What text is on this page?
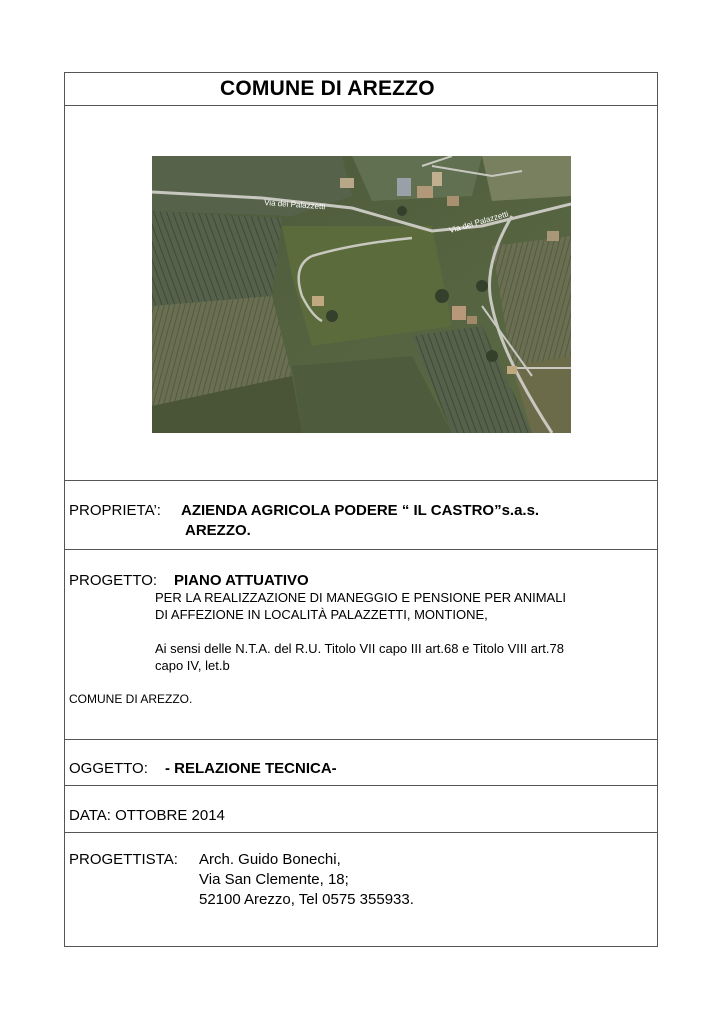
COMUNE DI AREZZO
Via dei Palazzetti
Via dei Palazzetti
PROPRIETA’: AZIENDA AGRICOLA PODERE “ IL CASTRO”s.a.s.
AREZZO.
PROGETTO: PIANO ATTUATIVO
PER LA REALIZZAZIONE DI MANEGGIO E PENSIONE PER ANIMALI
DI AFFEZIONE IN LOCALITÀ PALAZZETTI, MONTIONE,
Ai sensi delle N.T.A. del R.U. Titolo VII capo III art.68 e Titolo VIII art.78
capo IV, let.b
COMUNE DI AREZZO.
OGGETTO: - RELAZIONE TECNICA-
DATA: OTTOBRE 2014
PROGETTISTA: Arch. Guido Bonechi,
Via San Clemente, 18;
52100 Arezzo, Tel 0575 355933.
